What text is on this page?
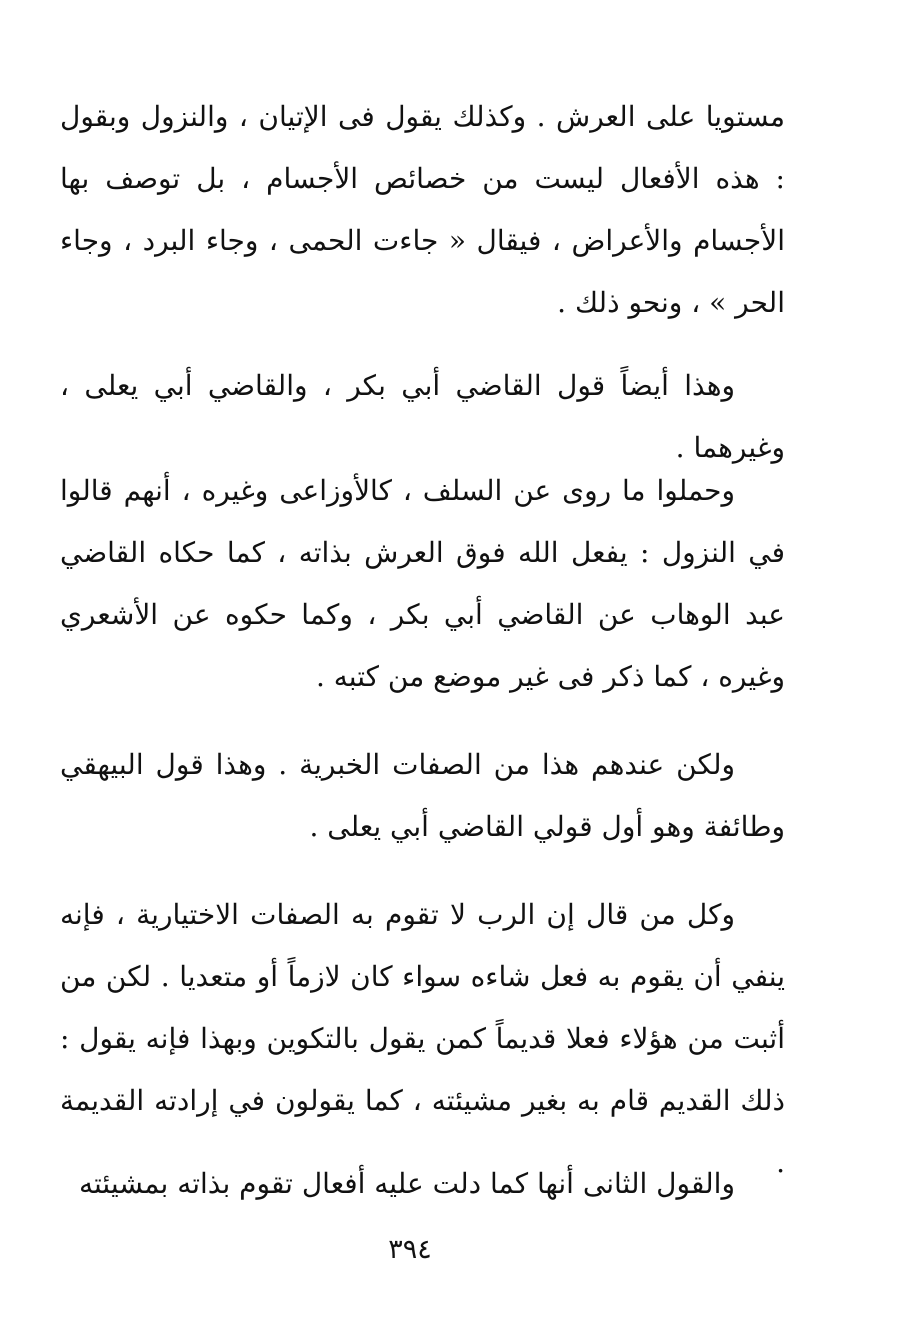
مستويا على العرش . وكذلك يقول فى الإتيان ، والنزول وبقول : هذه الأفعال ليست من خصائص الأجسام ، بل توصف بها الأجسام والأعراض ، فيقال « جاءت الحمى ، وجاء البرد ، وجاء الحر » ، ونحو ذلك .

وهذا أيضاً قول القاضي أبي بكر ، والقاضي أبي يعلى ، وغيرهما .

وحملوا ما روى عن السلف ، كالأوزاعى وغيره ، أنهم قالوا في النزول : يفعل الله فوق العرش بذاته ، كما حكاه القاضي عبد الوهاب عن القاضي أبي بكر ، وكما حكوه عن الأشعري وغيره ، كما ذكر فى غير موضع من كتبه .

ولكن عندهم هذا من الصفات الخبرية . وهذا قول البيهقي وطائفة وهو أول قولي القاضي أبي يعلى .

وكل من قال إن الرب لا تقوم به الصفات الاختيارية ، فإنه ينفي أن يقوم به فعل شاءه سواء كان لازماً أو متعديا . لكن من أثبت من هؤلاء فعلا قديماً كمن يقول بالتكوين وبهذا فإنه يقول : ذلك القديم قام به بغير مشيئته ، كما يقولون في إرادته القديمة .

والقول الثانى أنها كما دلت عليه أفعال تقوم بذاته بمشيئته

٣٩٤
